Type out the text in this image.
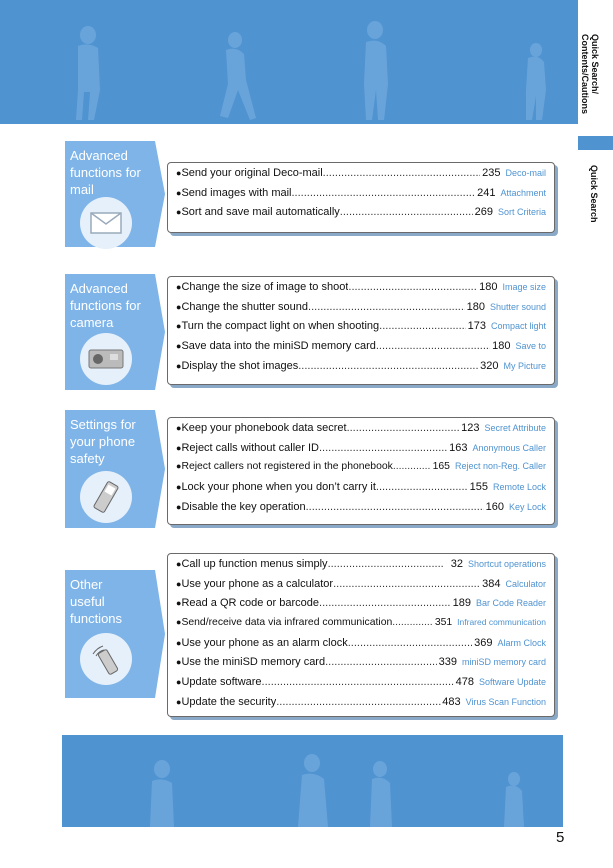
Quick Search/
Contents/Cautions
Quick Search
Advanced
functions for
mail
● Send your original Deco-mail .....	235 Deco-mail
● Send images with mail .....	241 Attachment
● Sort and save mail automatically .....	269 Sort Criteria
Advanced
functions for
camera
● Change the size of image to shoot .....	180 Image size
● Change the shutter sound .....	180 Shutter sound
● Turn the compact light on when shooting .....	173 Compact light
● Save data into the miniSD memory card .....	180 Save to
● Display the shot images .....	320 My Picture
Settings for
your phone
safety
● Keep your phonebook data secret .....	123 Secret Attribute
● Reject calls without caller ID .....	163 Anonymous Caller
● Reject callers not registered in the phonebook .....	165 Reject non-Reg. Caller
● Lock your phone when you don’t carry it .....	155 Remote Lock
● Disable the key operation .....	160 Key Lock
Other
useful
functions
● Call up function menus simply .....	32 Shortcut operations
● Use your phone as a calculator .....	384 Calculator
● Read a QR code or barcode .....	189 Bar Code Reader
● Send/receive data via infrared communication .....	351 Infrared communication
● Use your phone as an alarm clock .....	369 Alarm Clock
● Use the miniSD memory card .....	339 miniSD memory card
● Update software .....	478 Software Update
● Update the security .....	483 Virus Scan Function
5
